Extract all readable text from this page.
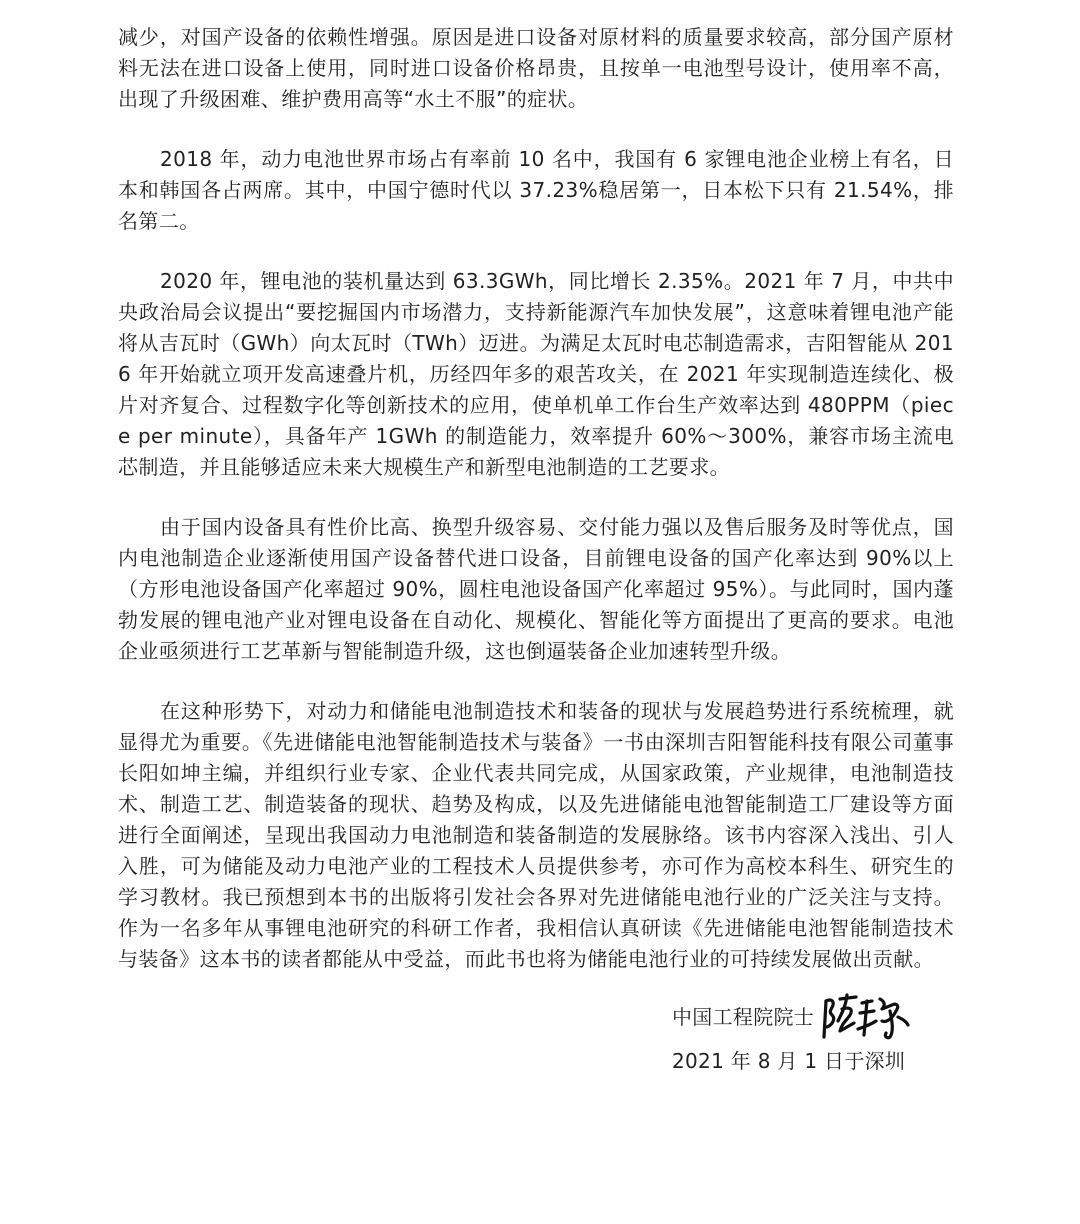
减少，对国产设备的依赖性增强。原因是进口设备对原材料的质量要求较高，部分国产原材料无法在进口设备上使用，同时进口设备价格昂贵，且按单一电池型号设计，使用率不高，出现了升级困难、维护费用高等“水土不服”的症状。

2018 年，动力电池世界市场占有率前 10 名中，我国有 6 家锂电池企业榜上有名，日本和韩国各占两席。其中，中国宁德时代以 37.23%稳居第一，日本松下只有 21.54%，排名第二。

2020 年，锂电池的装机量达到 63.3GWh，同比增长 2.35%。2021 年 7 月，中共中央政治局会议提出“要挖掘国内市场潜力，支持新能源汽车加快发展”，这意味着锂电池产能将从吉瓦时（GWh）向太瓦时（TWh）迈进。为满足太瓦时电芯制造需求，吉阳智能从 2016 年开始就立项开发高速叠片机，历经四年多的艰苦攻关，在 2021 年实现制造连续化、极片对齐复合、过程数字化等创新技术的应用，使单机单工作台生产效率达到 480PPM（piece per minute），具备年产 1GWh 的制造能力，效率提升 60%～300%，兼容市场主流电芯制造，并且能够适应未来大规模生产和新型电池制造的工艺要求。

由于国内设备具有性价比高、换型升级容易、交付能力强以及售后服务及时等优点，国内电池制造企业逐渐使用国产设备替代进口设备，目前锂电设备的国产化率达到 90%以上（方形电池设备国产化率超过 90%，圆柱电池设备国产化率超过 95%）。与此同时，国内蓬勃发展的锂电池产业对锂电设备在自动化、规模化、智能化等方面提出了更高的要求。电池企业亟须进行工艺革新与智能制造升级，这也倒逼装备企业加速转型升级。

在这种形势下，对动力和储能电池制造技术和装备的现状与发展趋势进行系统梳理，就显得尤为重要。《先进储能电池智能制造技术与装备》一书由深圳吉阳智能科技有限公司董事长阳如坤主编，并组织行业专家、企业代表共同完成，从国家政策，产业规律，电池制造技术、制造工艺、制造装备的现状、趋势及构成，以及先进储能电池智能制造工厂建设等方面进行全面阐述，呈现出我国动力电池制造和装备制造的发展脉络。该书内容深入浅出、引人入胜，可为储能及动力电池产业的工程技术人员提供参考，亦可作为高校本科生、研究生的学习教材。我已预想到本书的出版将引发社会各界对先进储能电池行业的广泛关注与支持。作为一名多年从事锂电池研究的科研工作者，我相信认真研读《先进储能电池智能制造技术与装备》这本书的读者都能从中受益，而此书也将为储能电池行业的可持续发展做出贡献。

中国工程院院士
2021 年 8 月 1 日于深圳
